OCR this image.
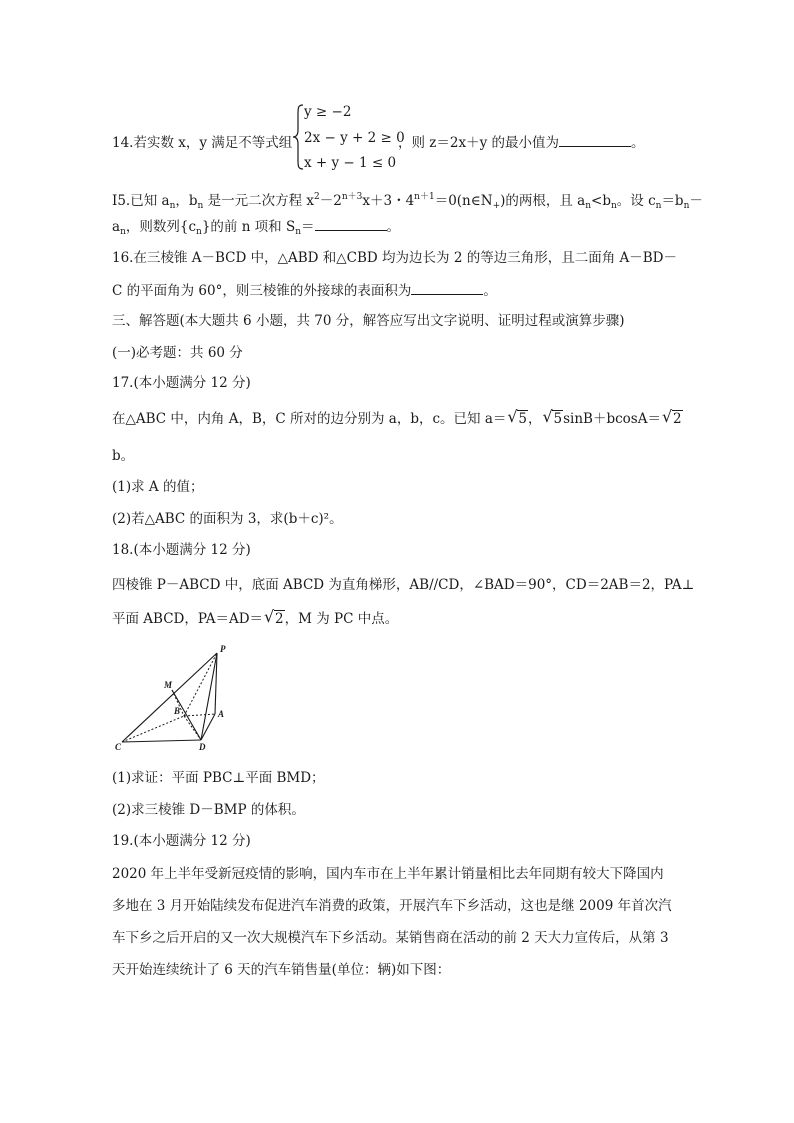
14.若实数 x，y 满足不等式组
y ≥ −2
2x − y + 2 ≥ 0
x + y − 1 ≤ 0
，则 z＝2x＋y 的最小值为	。
I5.已知 $a_n$，$b_n$ 是一元二次方程 $x^2-2^{n+3}x+3$・$4^{n+1}=0(n\in N_+)$的两根，且 $a_n<b_n$。设 $c_n=b_n-$
$a_n$，则数列$\{c_n\}$的前 n 项和 $S_n=$	。
16.在三棱锥 A－BCD 中，△ABD 和△CBD 均为边长为 2 的等边三角形，且二面角 A－BD－
C 的平面角为 60°，则三棱锥的外接球的表面积为	。
三、解答题(本大题共 6 小题，共 70 分，解答应写出文字说明、证明过程或演算步骤)
(一)必考题：共 60 分
17.(本小题满分 12 分)
在△ABC 中，内角 A，B，C 所对的边分别为 a，b，c。已知 a＝ √ 5， √ 5sinB＋bcosA＝ √ 2
b。
(1)求 A 的值；
(2)若△ABC 的面积为 3，求(b＋c)²。
18.(本小题满分 12 分)
四棱锥 P－ABCD 中，底面 ABCD 为直角梯形，AB//CD，∠BAD＝90°，CD＝2AB＝2，PA⊥
平面 ABCD，PA＝AD＝ √ 2，M 为 PC 中点。
P
M
B	A
C	D
(1)求证：平面 PBC⊥平面 BMD；
(2)求三棱锥 D－BMP 的体积。
19.(本小题满分 12 分)
2020 年上半年受新冠疫情的影响，国内车市在上半年累计销量相比去年同期有较大下降国内
多地在 3 月开始陆续发布促进汽车消费的政策，开展汽车下乡活动，这也是继 2009 年首次汽
车下乡之后开启的又一次大规模汽车下乡活动。某销售商在活动的前 2 天大力宣传后，从第 3
天开始连续统计了 6 天的汽车销售量(单位：辆)如下图：
